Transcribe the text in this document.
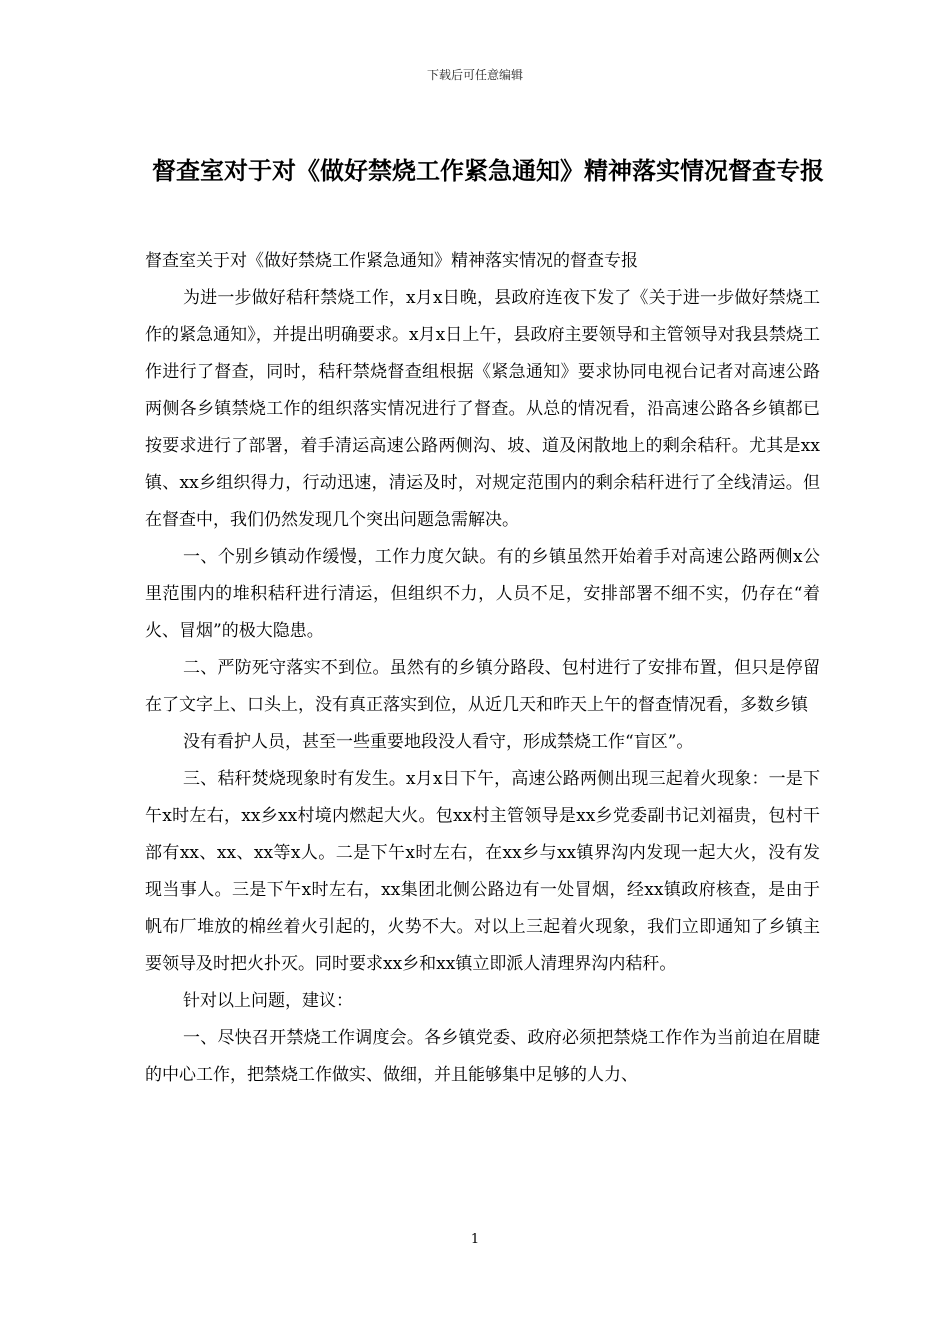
下载后可任意编辑
督查室对于对《做好禁烧工作紧急通知》精神落实情况督查专报

督查室关于对《做好禁烧工作紧急通知》精神落实情况的督查专报

为进一步做好秸秆禁烧工作，x月x日晚，县政府连夜下发了《关于进一步做好禁烧工作的紧急通知》，并提出明确要求。x月x日上午，县政府主要领导和主管领导对我县禁烧工作进行了督查，同时，秸秆禁烧督查组根据《紧急通知》要求协同电视台记者对高速公路两侧各乡镇禁烧工作的组织落实情况进行了督查。从总的情况看，沿高速公路各乡镇都已按要求进行了部署，着手清运高速公路两侧沟、坡、道及闲散地上的剩余秸秆。尤其是xx镇、xx乡组织得力，行动迅速，清运及时，对规定范围内的剩余秸秆进行了全线清运。但在督查中，我们仍然发现几个突出问题急需解决。

一、个别乡镇动作缓慢，工作力度欠缺。有的乡镇虽然开始着手对高速公路两侧x公里范围内的堆积秸秆进行清运，但组织不力，人员不足，安排部署不细不实，仍存在“着火、冒烟”的极大隐患。

二、严防死守落实不到位。虽然有的乡镇分路段、包村进行了安排布置，但只是停留在了文字上、口头上，没有真正落实到位，从近几天和昨天上午的督查情况看，多数乡镇

没有看护人员，甚至一些重要地段没人看守，形成禁烧工作“盲区”。

三、秸秆焚烧现象时有发生。x月x日下午，高速公路两侧出现三起着火现象：一是下午x时左右，xx乡xx村境内燃起大火。包xx村主管领导是xx乡党委副书记刘福贵，包村干部有xx、xx、xx等x人。二是下午x时左右，在xx乡与xx镇界沟内发现一起大火，没有发现当事人。三是下午x时左右，xx集团北侧公路边有一处冒烟，经xx镇政府核查，是由于帆布厂堆放的棉丝着火引起的，火势不大。对以上三起着火现象，我们立即通知了乡镇主要领导及时把火扑灭。同时要求xx乡和xx镇立即派人清理界沟内秸秆。

针对以上问题，建议：

一、尽快召开禁烧工作调度会。各乡镇党委、政府必须把禁烧工作作为当前迫在眉睫的中心工作，把禁烧工作做实、做细，并且能够集中足够的人力、

1
